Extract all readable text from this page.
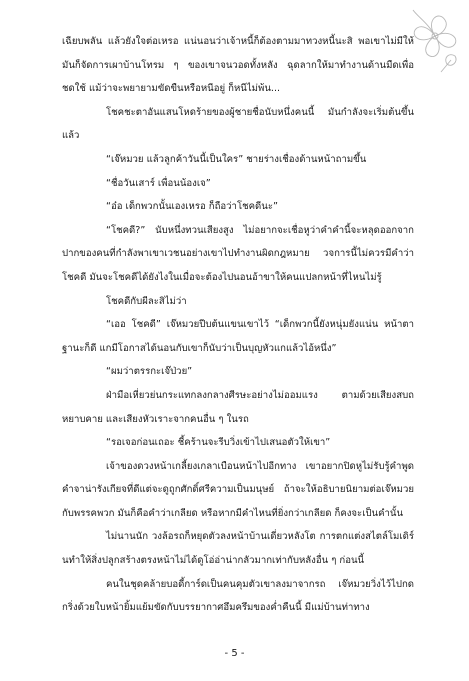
เฉียบพลัน แล้วยังใจต่อเหรอ แน่นอนว่าเจ้าหนี้ก็ต้องตามมาทวงหนี้นะสิ พอเขาไม่มีให้ มันก็จัดการเผาบ้านโทรม ๆ ของเขาจนวอดทั้งหลัง ฉุดลากให้มาทำงานด้านมืดเพื่อชดใช้ แม้ว่าจะพยายามขัดขืนหรือหนีอยู่ ก็หนีไม่พ้น...

โชคชะตาอันแสนโหดร้ายของผู้ชายชื่อนับหนึ่งคนนี้ มันกำลังจะเริ่มต้นขึ้นแล้ว

“เจ๊หมวย แล้วลูกค้าวันนี้เป็นใคร” ชายร่างเชื่องด้านหน้าถามขึ้น

“ชื่อวันเสาร์ เพื่อนน้องเจ”

“อ๋อ เด็กพวกนั้นเองเหรอ ก็ถือว่าโชคดีนะ”

“โชคดี?” นับหนึ่งทวนเสียงสูง ไม่อยากจะเชื่อหูว่าคำคำนี้จะหลุดออกจากปากของคนที่กำลังพาเขาเวชนอย่างเขาไปทำงานผิดกฎหมาย วจการนี้ไม่ควรมีคำว่าโชคดี มันจะโชคดีได้ยังไงในเมื่อจะต้องไปนอนอ้าขาให้คนแปลกหน้าที่ไหนไม่รู้

โชคดีกับผีละสิไม่ว่า

“เออ โชคดี” เจ๊หมวยปีบต้นแขนเขาไว้ “เด็กพวกนี้ยังหนุ่มยังแน่น หน้าตาฐานะก็ดี แกมีโอกาสได้นอนกับเขาก็นับว่าเป็นบุญหัวแกแล้วไอ้หนึ่ง”

“ผมว่าตรรกะเจ๊ป่วย”

ฝ่ามือเหี่ยวย่นกระแทกลงกลางศีรษะอย่างไม่ออมแรง ตามด้วยเสียงสบถหยาบคาย และเสียงหัวเราะจากคนอื่น ๆ ในรถ

“รอเจอก่อนเถอะ ชี้คร้านจะรีบวิ่งเข้าไปเสนอตัวให้เขา”

เจ้าของดวงหน้าเกลี้ยงเกลาเบือนหน้าไปอีกทาง เขาอยากปิดหูไม่รับรู้คำพูดคำจาน่ารังเกียจที่ดีแต่จะดูถูกศักดิ์ศรีความเป็นมนุษย์ ถ้าจะให้อธิบายนิยามต่อเจ๊หมวยกับพรรคพวก มันก็คือคำว่าเกลียด หรือหากมีคำไหนที่ยิ่งกว่าเกลียด ก็คงจะเป็นคำนั้น

ไม่นานนัก วงล้อรถก็หยุดตัวลงหน้าบ้านเดี่ยวหลังโต การตกแต่งสไตล์โมเดิร์นทำให้สิ่งปลูกสร้างตรงหน้าไม่ได้ดูโอ่อ่าน่ากลัวมากเท่ากับหลังอื่น ๆ ก่อนนี้

คนในชุดคล้ายบอดี้การ์ดเป็นคนคุมตัวเขาลงมาจากรถ เจ๊หมวยวิ่งไว้ไปกดกริ่งด้วยใบหน้ายิ้มแย้มขัดกับบรรยากาศอึมครึมของค่ำคืนนี้ มีแม่บ้านท่าทาง

- 5 -
